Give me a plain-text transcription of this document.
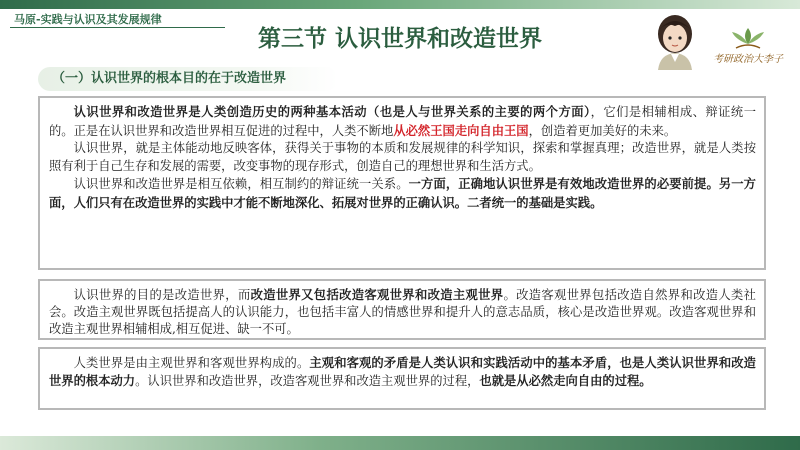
马原-实践与认识及其发展规律
第三节 认识世界和改造世界
考研政治大李子
（一）认识世界的根本目的在于改造世界

认识世界和改造世界是人类创造历史的两种基本活动（也是人与世界关系的主要的两个方面），它们是相辅相成、辩证统一的。正是在认识世界和改造世界相互促进的过程中，人类不断地从必然王国走向自由王国，创造着更加美好的未来。

认识世界，就是主体能动地反映客体，获得关于事物的本质和发展规律的科学知识，探索和掌握真理；改造世界，就是人类按照有利于自己生存和发展的需要，改变事物的现存形式，创造自己的理想世界和生活方式。

认识世界和改造世界是相互依赖，相互制约的辩证统一关系。一方面，正确地认识世界是有效地改造世界的必要前提。另一方面，人们只有在改造世界的实践中才能不断地深化、拓展对世界的正确认识。二者统一的基础是实践。

认识世界的目的是改造世界，而改造世界又包括改造客观世界和改造主观世界。改造客观世界包括改造自然界和改造人类社会。改造主观世界既包括提高人的认识能力，也包括丰富人的情感世界和提升人的意志品质，核心是改造世界观。改造客观世界和改造主观世界相辅相成,相互促进、缺一不可。

人类世界是由主观世界和客观世界构成的。主观和客观的矛盾是人类认识和实践活动中的基本矛盾，也是人类认识世界和改造世界的根本动力。认识世界和改造世界，改造客观世界和改造主观世界的过程，也就是从必然走向自由的过程。
